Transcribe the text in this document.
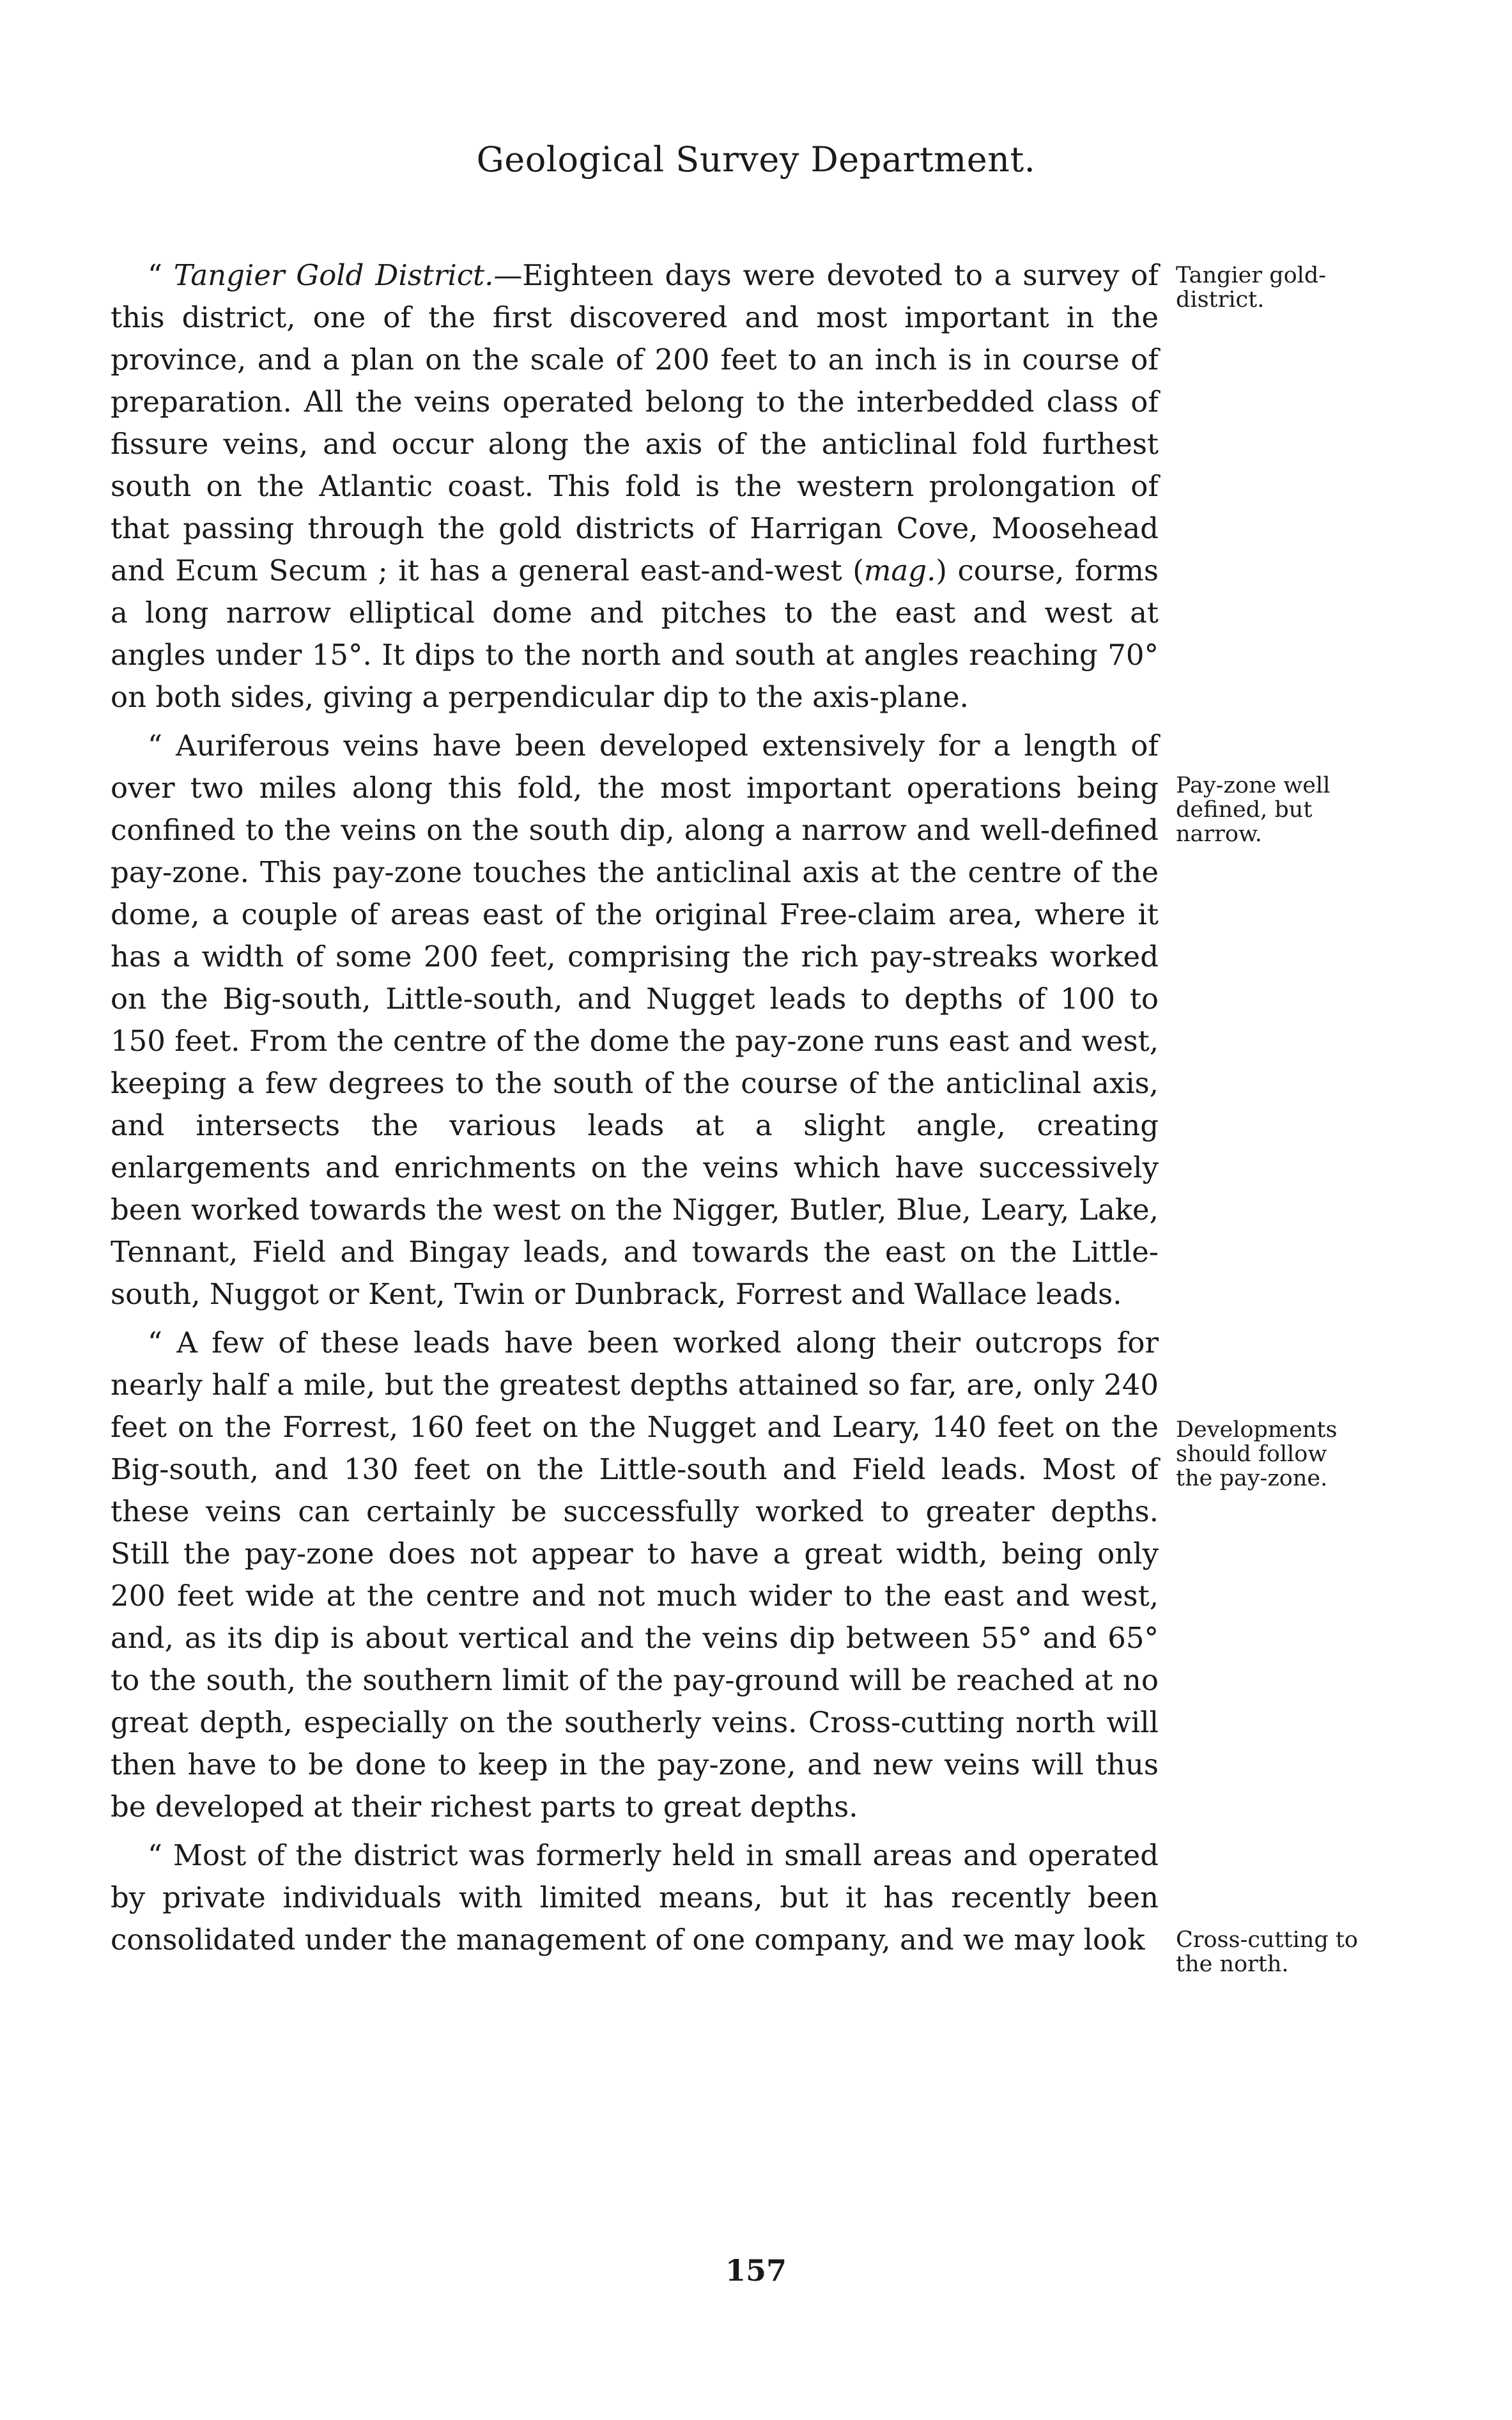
Geological Survey Department.

“ Tangier Gold District.—Eighteen days were devoted to a survey of this district, one of the first discovered and most important in the province, and a plan on the scale of 200 feet to an inch is in course of preparation. All the veins operated belong to the interbedded class of fissure veins, and occur along the axis of the anticlinal fold furthest south on the Atlantic coast. This fold is the western prolongation of that passing through the gold districts of Harrigan Cove, Moosehead and Ecum Secum ; it has a general east-and-west (mag.) course, forms a long narrow elliptical dome and pitches to the east and west at angles under 15°. It dips to the north and south at angles reaching 70° on both sides, giving a perpendicular dip to the axis-plane.

“ Auriferous veins have been developed extensively for a length of over two miles along this fold, the most important operations being confined to the veins on the south dip, along a narrow and well-defined pay-zone. This pay-zone touches the anticlinal axis at the centre of the dome, a couple of areas east of the original Free-claim area, where it has a width of some 200 feet, comprising the rich pay-streaks worked on the Big-south, Little-south, and Nugget leads to depths of 100 to 150 feet. From the centre of the dome the pay-zone runs east and west, keeping a few degrees to the south of the course of the anticlinal axis, and intersects the various leads at a slight angle, creating enlargements and enrichments on the veins which have successively been worked towards the west on the Nigger, Butler, Blue, Leary, Lake, Tennant, Field and Bingay leads, and towards the east on the Little-south, Nuggot or Kent, Twin or Dunbrack, Forrest and Wallace leads.

“ A few of these leads have been worked along their outcrops for nearly half a mile, but the greatest depths attained so far, are, only 240 feet on the Forrest, 160 feet on the Nugget and Leary, 140 feet on the Big-south, and 130 feet on the Little-south and Field leads. Most of these veins can certainly be successfully worked to greater depths. Still the pay-zone does not appear to have a great width, being only 200 feet wide at the centre and not much wider to the east and west, and, as its dip is about vertical and the veins dip between 55° and 65° to the south, the southern limit of the pay-ground will be reached at no great depth, especially on the southerly veins. Cross-cutting north will then have to be done to keep in the pay-zone, and new veins will thus be developed at their richest parts to great depths.

“ Most of the district was formerly held in small areas and operated by private individuals with limited means, but it has recently been consolidated under the management of one company, and we may look

Tangier gold-district.
Pay-zone well defined, but narrow.
Developments should follow the pay-zone.
Cross-cutting to the north.
157
